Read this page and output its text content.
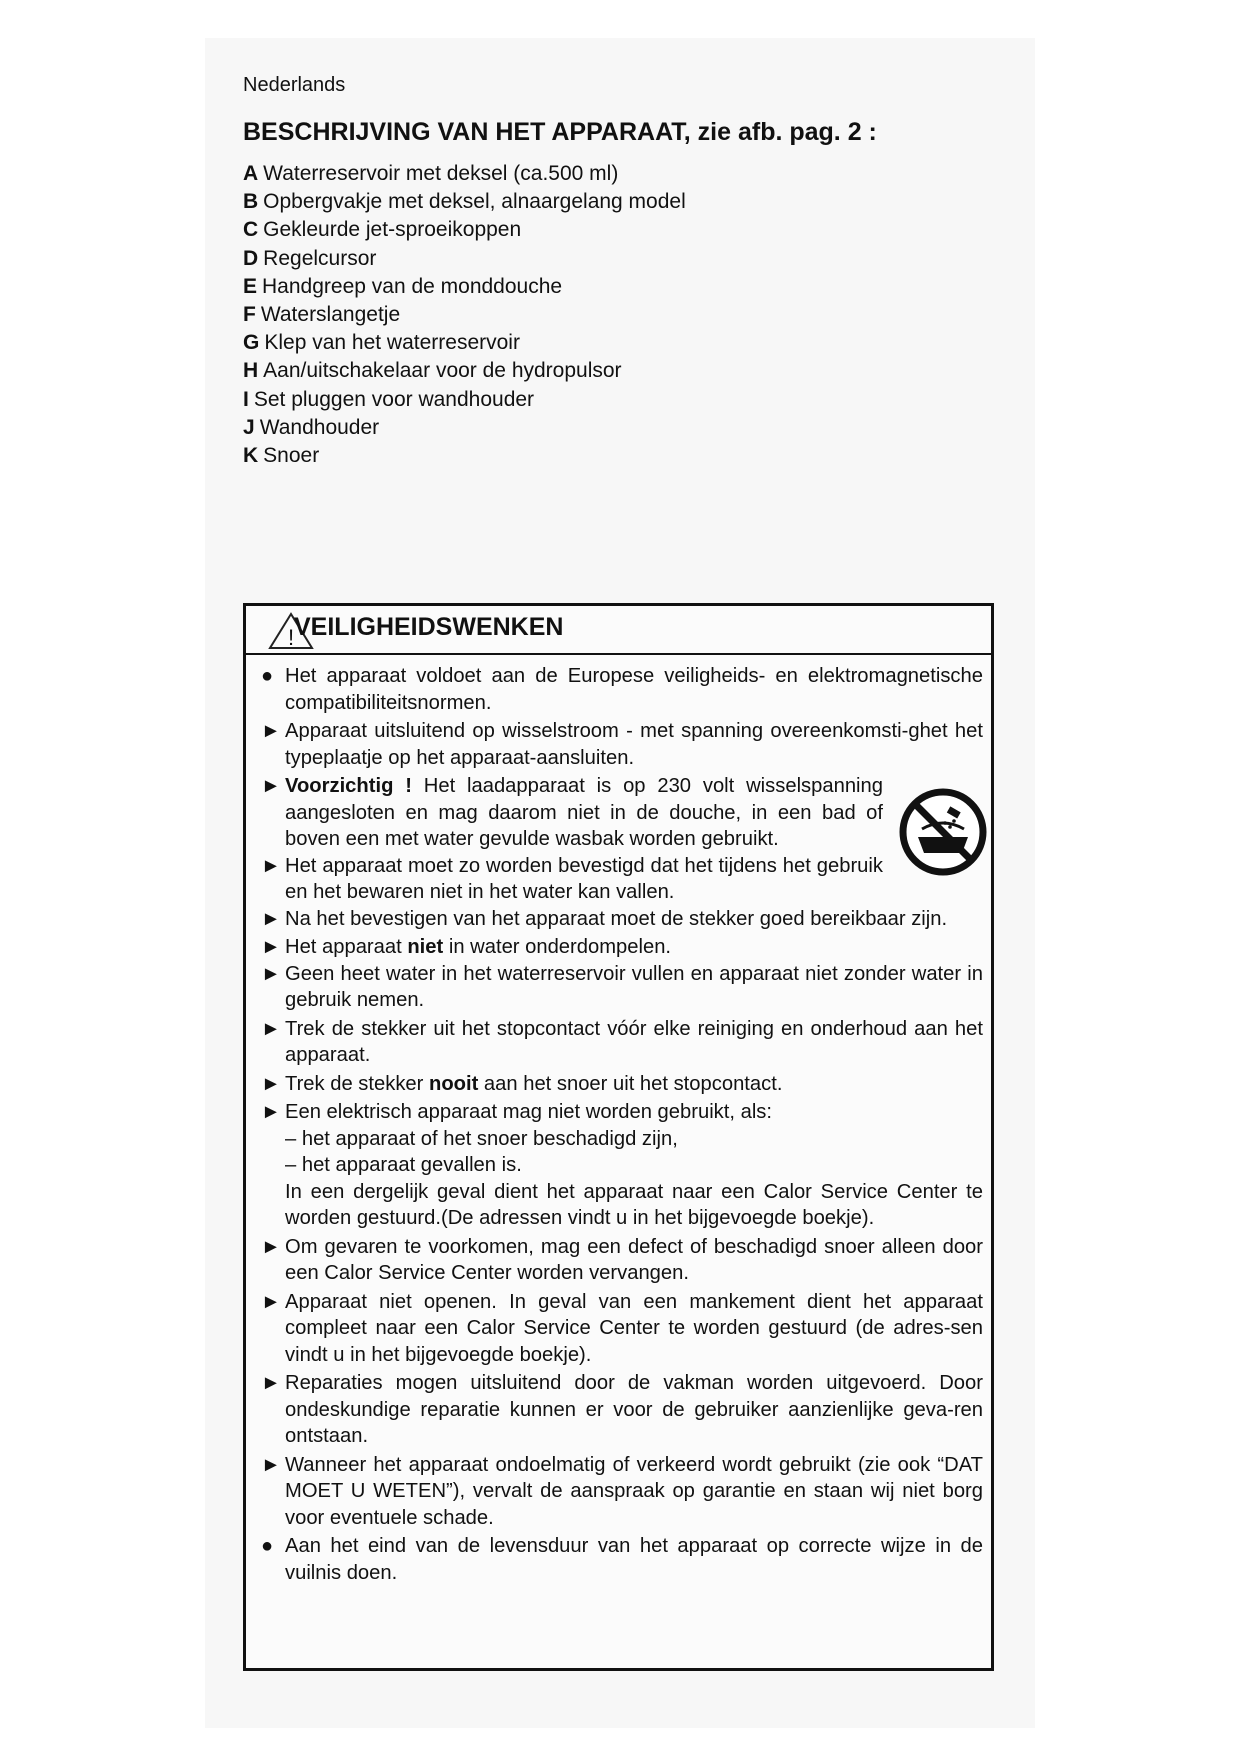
Nederlands
BESCHRIJVING VAN HET APPARAAT, zie afb. pag. 2 :
A Waterreservoir met deksel (ca.500 ml)
B Opbergvakje met deksel, alnaargelang model
C Gekleurde jet-sproeikoppen
D Regelcursor
E Handgreep van de monddouche
F Waterslangetje
G Klep van het waterreservoir
H Aan/uitschakelaar voor de hydropulsor
I Set pluggen voor wandhouder
J Wandhouder
K Snoer
! VEILIGHEIDSWENKEN
● Het apparaat voldoet aan de Europese veiligheids- en elektromagnetische compatibiliteitsnormen.
► Apparaat uitsluitend op wisselstroom - met spanning overeenkomsti-ghet het typeplaatje op het apparaat-aansluiten.
► Voorzichtig ! Het laadapparaat is op 230 volt wisselspanning aangesloten en mag daarom niet in de douche, in een bad of boven een met water gevulde wasbak worden gebruikt.
► Het apparaat moet zo worden bevestigd dat het tijdens het gebruik en het bewaren niet in het water kan vallen.
► Na het bevestigen van het apparaat moet de stekker goed bereikbaar zijn.
► Het apparaat niet in water onderdompelen.
► Geen heet water in het waterreservoir vullen en apparaat niet zonder water in gebruik nemen.
► Trek de stekker uit het stopcontact vóór elke reiniging en onderhoud aan het apparaat.
► Trek de stekker nooit aan het snoer uit het stopcontact.
► Een elektrisch apparaat mag niet worden gebruikt, als:

– het apparaat of het snoer beschadigd zijn,

– het apparaat gevallen is.

In een dergelijk geval dient het apparaat naar een Calor Service Center te worden gestuurd.(De adressen vindt u in het bijgevoegde boekje).

► Om gevaren te voorkomen, mag een defect of beschadigd snoer alleen door een Calor Service Center worden vervangen.
► Apparaat niet openen. In geval van een mankement dient het apparaat compleet naar een Calor Service Center te worden gestuurd (de adres-sen vindt u in het bijgevoegde boekje).
► Reparaties mogen uitsluitend door de vakman worden uitgevoerd. Door ondeskundige reparatie kunnen er voor de gebruiker aanzienlijke geva-ren ontstaan.
► Wanneer het apparaat ondoelmatig of verkeerd wordt gebruikt (zie ook “DAT MOET U WETEN”), vervalt de aanspraak op garantie en staan wij niet borg voor eventuele schade.
● Aan het eind van de levensduur van het apparaat op correcte wijze in de vuilnis doen.
